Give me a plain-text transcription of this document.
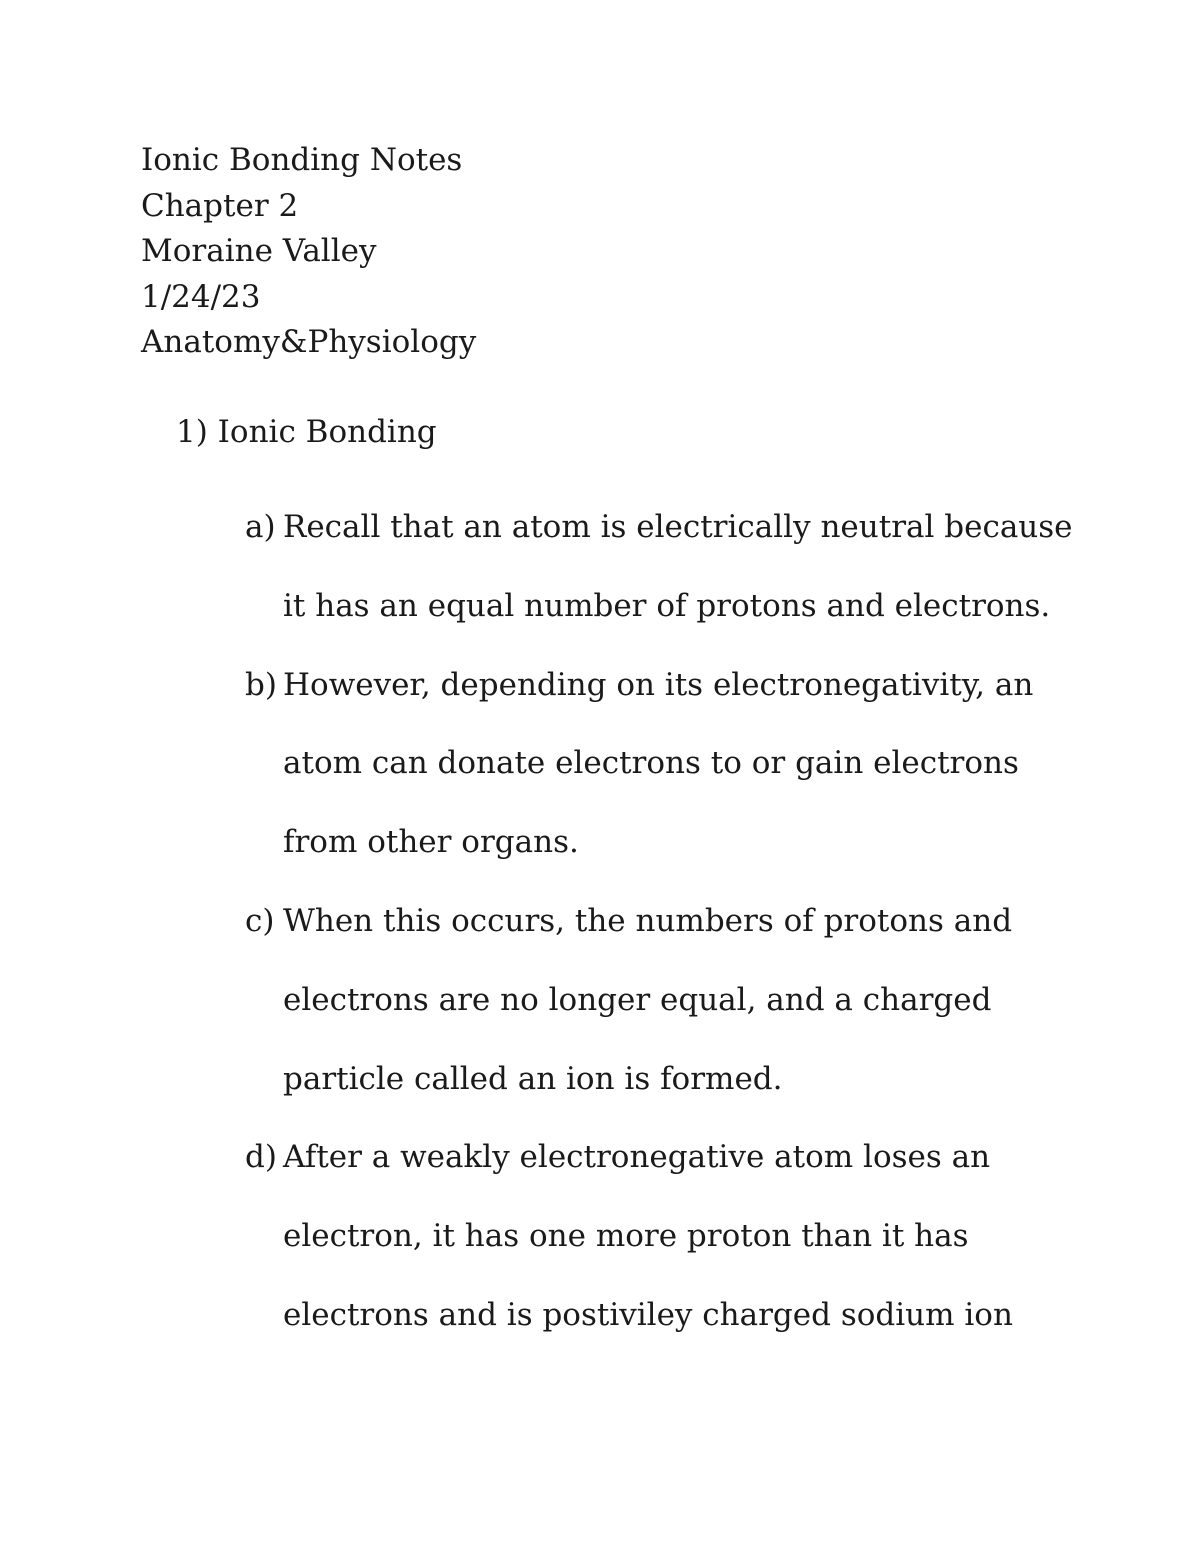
Ionic Bonding Notes
Chapter 2
Moraine Valley
1/24/23
Anatomy&Physiology
1) Ionic Bonding
a) Recall that an atom is electrically neutral because
it has an equal number of protons and electrons.
b) However, depending on its electronegativity, an
atom can donate electrons to or gain electrons
from other organs.
c) When this occurs, the numbers of protons and
electrons are no longer equal, and a charged
particle called an ion is formed.
d) After a weakly electronegative atom loses an
electron, it has one more proton than it has
electrons and is postiviley charged sodium ion
